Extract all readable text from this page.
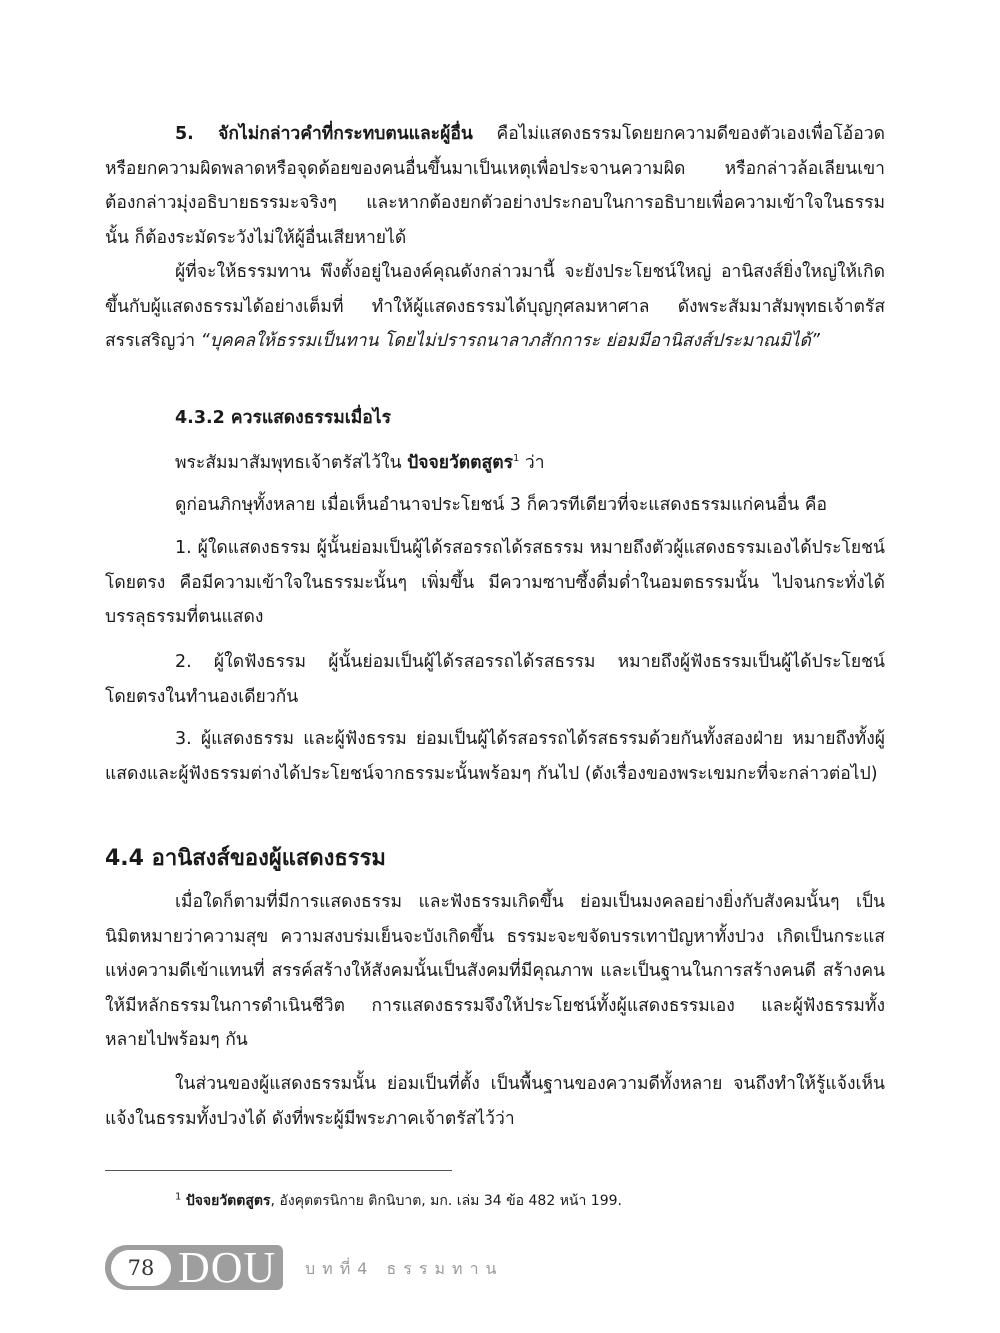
5. จักไม่กล่าวคำที่กระทบตนและผู้อื่น คือไม่แสดงธรรมโดยยกความดีของตัวเองเพื่อโอ้อวด หรือยกความผิดพลาดหรือจุดด้อยของคนอื่นขึ้นมาเป็นเหตุเพื่อประจานความผิด หรือกล่าวล้อเลียนเขา ต้องกล่าวมุ่งอธิบายธรรมะจริงๆ และหากต้องยกตัวอย่างประกอบในการอธิบายเพื่อความเข้าใจในธรรมนั้น ก็ต้องระมัดระวังไม่ให้ผู้อื่นเสียหายได้

ผู้ที่จะให้ธรรมทาน พึงตั้งอยู่ในองค์คุณดังกล่าวมานี้ จะยังประโยชน์ใหญ่ อานิสงส์ยิ่งใหญ่ให้เกิดขึ้นกับผู้แสดงธรรมได้อย่างเต็มที่ ทำให้ผู้แสดงธรรมได้บุญกุศลมหาศาล ดังพระสัมมาสัมพุทธเจ้าตรัสสรรเสริญว่า “บุคคลให้ธรรมเป็นทาน โดยไม่ปรารถนาลาภสักการะ ย่อมมีอานิสงส์ประมาณมิได้”

4.3.2 ควรแสดงธรรมเมื่อไร

พระสัมมาสัมพุทธเจ้าตรัสไว้ใน ปัจจยวัตตสูตร$^1$ ว่า

ดูก่อนภิกษุทั้งหลาย เมื่อเห็นอำนาจประโยชน์ 3 ก็ควรทีเดียวที่จะแสดงธรรมแก่คนอื่น คือ

1. ผู้ใดแสดงธรรม ผู้นั้นย่อมเป็นผู้ได้รสอรรถได้รสธรรม หมายถึงตัวผู้แสดงธรรมเองได้ประโยชน์โดยตรง คือมีความเข้าใจในธรรมะนั้นๆ เพิ่มขึ้น มีความซาบซึ้งดื่มด่ำในอมตธรรมนั้น ไปจนกระทั่งได้บรรลุธรรมที่ตนแสดง

2. ผู้ใดฟังธรรม ผู้นั้นย่อมเป็นผู้ได้รสอรรถได้รสธรรม หมายถึงผู้ฟังธรรมเป็นผู้ได้ประโยชน์โดยตรงในทำนองเดียวกัน

3. ผู้แสดงธรรม และผู้ฟังธรรม ย่อมเป็นผู้ได้รสอรรถได้รสธรรมด้วยกันทั้งสองฝ่าย หมายถึงทั้งผู้แสดงและผู้ฟังธรรมต่างได้ประโยชน์จากธรรมะนั้นพร้อมๆ กันไป (ดังเรื่องของพระเขมกะที่จะกล่าวต่อไป)

4.4 อานิสงส์ของผู้แสดงธรรม

เมื่อใดก็ตามที่มีการแสดงธรรม และฟังธรรมเกิดขึ้น ย่อมเป็นมงคลอย่างยิ่งกับสังคมนั้นๆ เป็นนิมิตหมายว่าความสุข ความสงบร่มเย็นจะบังเกิดขึ้น ธรรมะจะขจัดบรรเทาปัญหาทั้งปวง เกิดเป็นกระแสแห่งความดีเข้าแทนที่ สรรค์สร้างให้สังคมนั้นเป็นสังคมที่มีคุณภาพ และเป็นฐานในการสร้างคนดี สร้างคนให้มีหลักธรรมในการดำเนินชีวิต การแสดงธรรมจึงให้ประโยชน์ทั้งผู้แสดงธรรมเอง และผู้ฟังธรรมทั้งหลายไปพร้อมๆ กัน

ในส่วนของผู้แสดงธรรมนั้น ย่อมเป็นที่ตั้ง เป็นพื้นฐานของความดีทั้งหลาย จนถึงทำให้รู้แจ้งเห็นแจ้งในธรรมทั้งปวงได้ ดังที่พระผู้มีพระภาคเจ้าตรัสไว้ว่า

$^1$ ปัจจยวัตตสูตร, อังคุตตรนิกาย ติกนิบาต, มก. เล่ม 34 ข้อ 482 หน้า 199.

78 DOU บทที่4 ธรรมทาน
